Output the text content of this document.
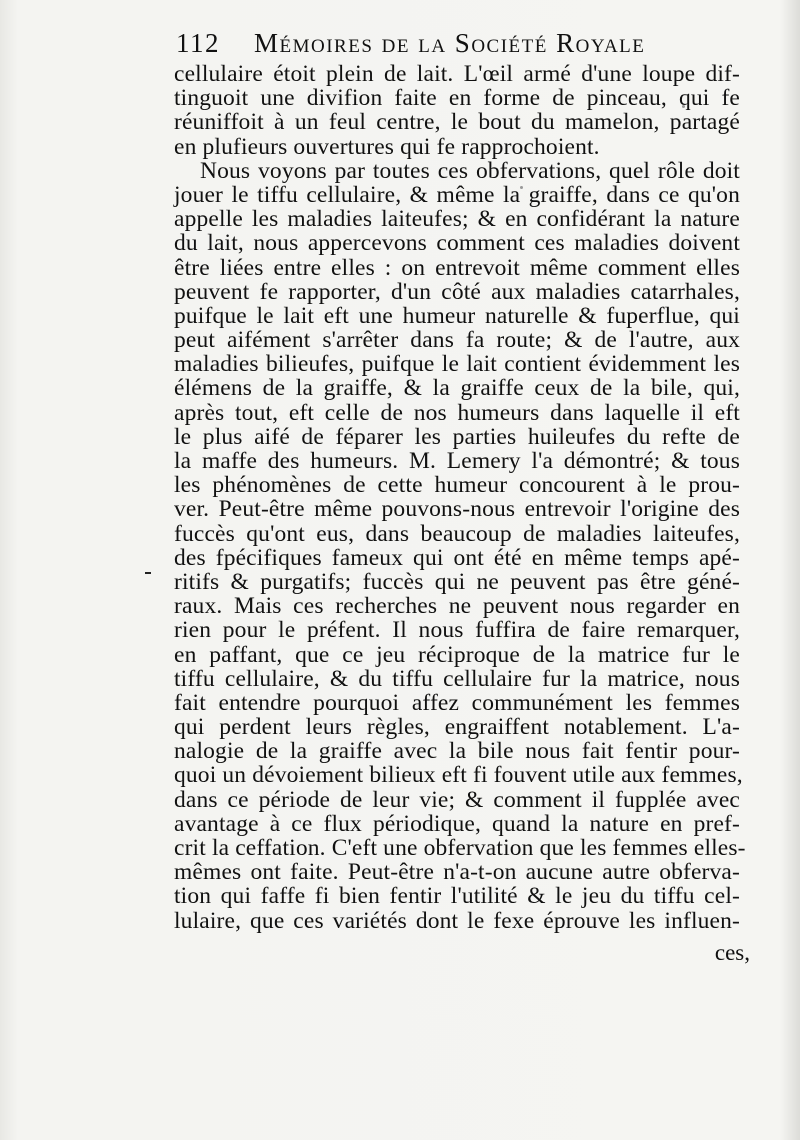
112 Mémoires de la Société Royale
cellulaire étoit plein de lait. L'œil armé d'une loupe dif-
tinguoit une divifion faite en forme de pinceau, qui fe
réuniffoit à un feul centre, le bout du mamelon, partagé
en plufieurs ouvertures qui fe rapprochoient.
Nous voyons par toutes ces obfervations, quel rôle doit
jouer le tiffu cellulaire, & même la graiffe, dans ce qu'on
appelle les maladies laiteufes; & en confidérant la nature
du lait, nous appercevons comment ces maladies doivent
être liées entre elles : on entrevoit même comment elles
peuvent fe rapporter, d'un côté aux maladies catarrhales,
puifque le lait eft une humeur naturelle & fuperflue, qui
peut aifément s'arrêter dans fa route; & de l'autre, aux
maladies bilieufes, puifque le lait contient évidemment les
élémens de la graiffe, & la graiffe ceux de la bile, qui,
après tout, eft celle de nos humeurs dans laquelle il eft
le plus aifé de féparer les parties huileufes du refte de
la maffe des humeurs. M. Lemery l'a démontré; & tous
les phénomènes de cette humeur concourent à le prou-
ver. Peut-être même pouvons-nous entrevoir l'origine des
fuccès qu'ont eus, dans beaucoup de maladies laiteufes,
des fpécifiques fameux qui ont été en même temps apé-
ritifs & purgatifs; fuccès qui ne peuvent pas être géné-
raux. Mais ces recherches ne peuvent nous regarder en
rien pour le préfent. Il nous fuffira de faire remarquer,
en paffant, que ce jeu réciproque de la matrice fur le
tiffu cellulaire, & du tiffu cellulaire fur la matrice, nous
fait entendre pourquoi affez communément les femmes
qui perdent leurs règles, engraiffent notablement. L'a-
nalogie de la graiffe avec la bile nous fait fentir pour-
quoi un dévoiement bilieux eft fi fouvent utile aux femmes,
dans ce période de leur vie; & comment il fupplée avec
avantage à ce flux périodique, quand la nature en pref-
crit la ceffation. C'eft une obfervation que les femmes elles-
mêmes ont faite. Peut-être n'a-t-on aucune autre obferva-
tion qui faffe fi bien fentir l'utilité & le jeu du tiffu cel-
lulaire, que ces variétés dont le fexe éprouve les influen-
ces,
